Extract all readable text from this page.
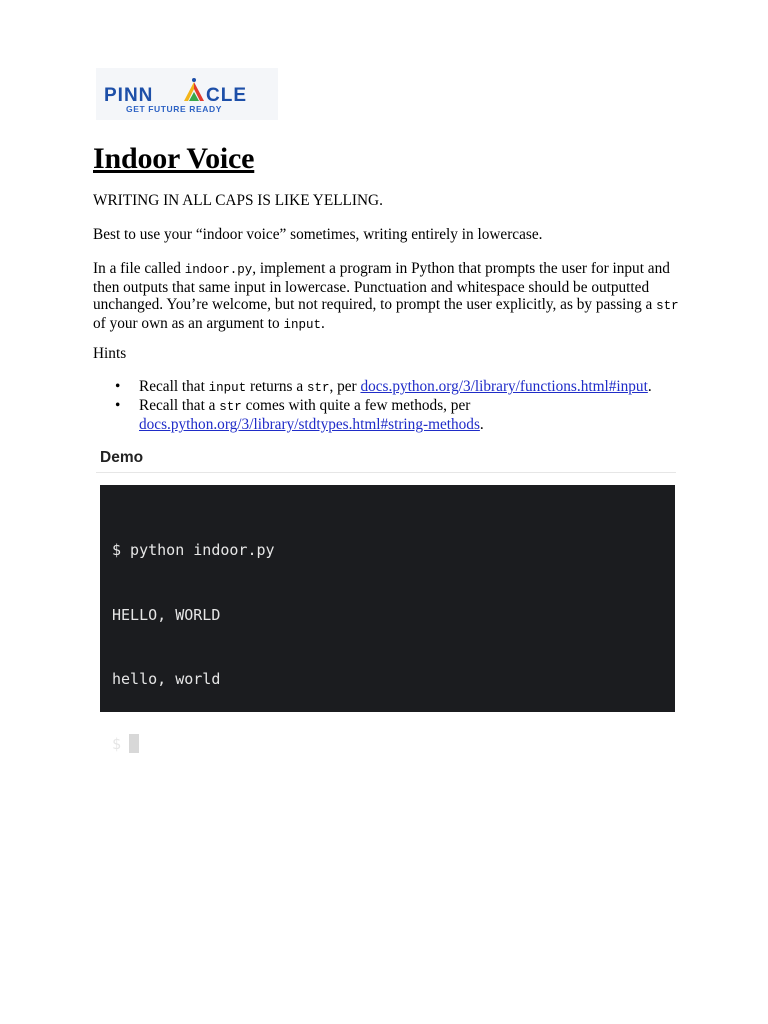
PINN	CLE
GET FUTURE READY
Indoor Voice

WRITING IN ALL CAPS IS LIKE YELLING.

Best to use your “indoor voice” sometimes, writing entirely in lowercase.

In a file called indoor.py, implement a program in Python that prompts the user for input and then outputs that same input in lowercase. Punctuation and whitespace should be outputted unchanged. You’re welcome, but not required, to prompt the user explicitly, as by passing a str of your own as an argument to input.

Hints

• Recall that input returns a str, per docs.python.org/3/library/functions.html#input.
• Recall that a str comes with quite a few methods, per
docs.python.org/3/library/stdtypes.html#string-methods.
Demo

$ python indoor.py

HELLO, WORLD

hello, world

$
